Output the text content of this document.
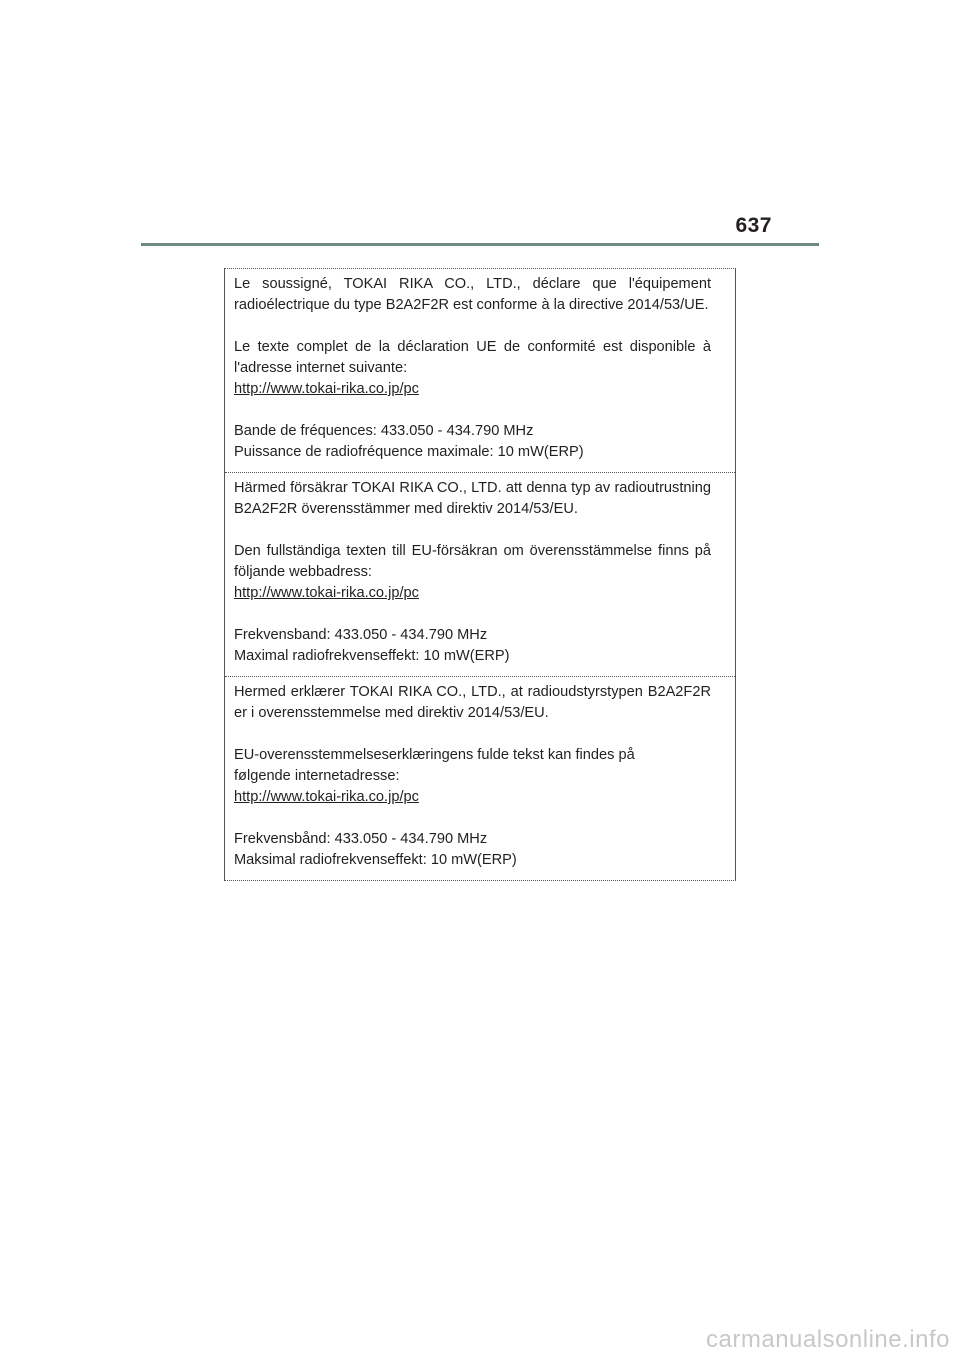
637

Le soussigné, TOKAI RIKA CO., LTD., déclare que l'équipement radioélectrique du type B2A2F2R est conforme à la directive 2014/53/UE.

Le texte complet de la déclaration UE de conformité est disponible à l'adresse internet suivante:

http://www.tokai-rika.co.jp/pc

Bande de fréquences: 433.050 - 434.790 MHz

Puissance de radiofréquence maximale: 10 mW(ERP)

Härmed försäkrar TOKAI RIKA CO., LTD. att denna typ av radioutrustning B2A2F2R överensstämmer med direktiv 2014/53/EU.

Den fullständiga texten till EU-försäkran om överensstämmelse finns på följande webbadress:

http://www.tokai-rika.co.jp/pc

Frekvensband: 433.050 - 434.790 MHz

Maximal radiofrekvenseffekt: 10 mW(ERP)

Hermed erklærer TOKAI RIKA CO., LTD., at radioudstyrstypen B2A2F2R er i overensstemmelse med direktiv 2014/53/EU.

EU-overensstemmelseserklæringens fulde tekst kan findes på

følgende internetadresse:

http://www.tokai-rika.co.jp/pc

Frekvensbånd: 433.050 - 434.790 MHz

Maksimal radiofrekvenseffekt: 10 mW(ERP)

carmanualsonline.info
